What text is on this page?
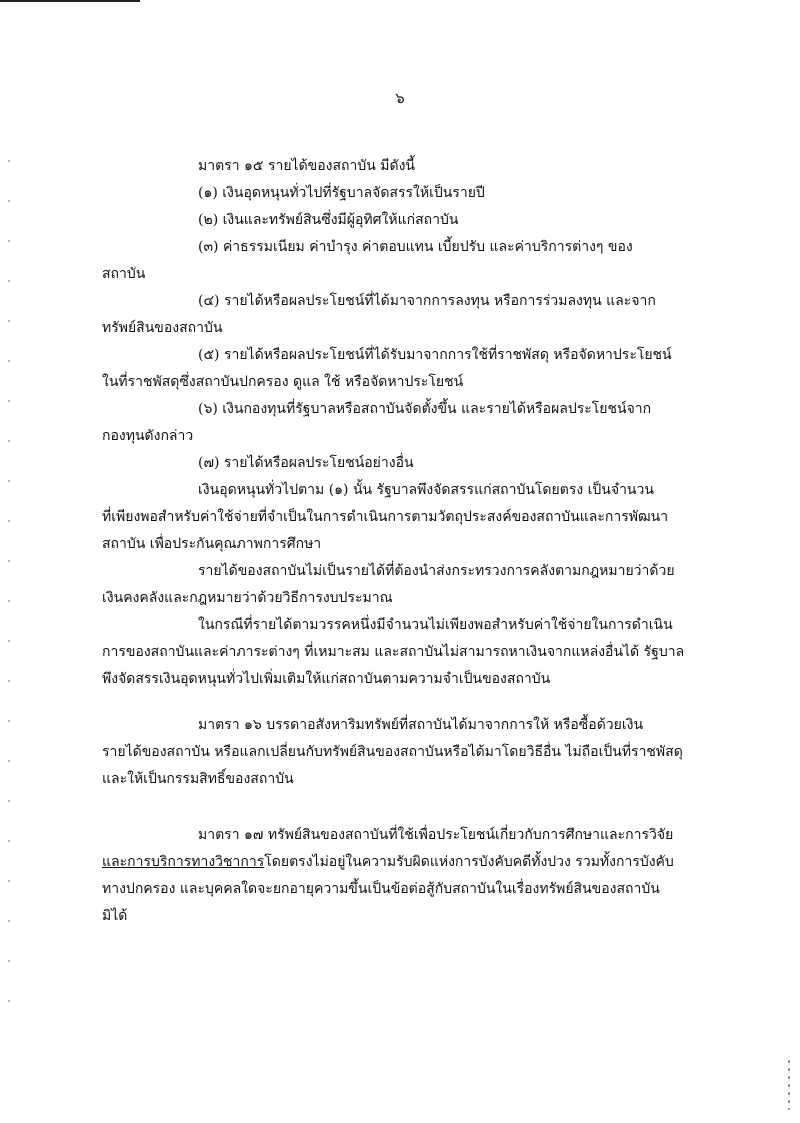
๖
มาตรา ๑๕ รายได้ของสถาบัน มีดังนี้
(๑) เงินอุดหนุนทั่วไปที่รัฐบาลจัดสรรให้เป็นรายปี
(๒) เงินและทรัพย์สินซึ่งมีผู้อุทิศให้แก่สถาบัน
(๓) ค่าธรรมเนียม ค่าบำรุง ค่าตอบแทน เบี้ยปรับ และค่าบริการต่างๆ ของ
สถาบัน
(๔) รายได้หรือผลประโยชน์ที่ได้มาจากการลงทุน หรือการร่วมลงทุน และจาก
ทรัพย์สินของสถาบัน
(๕) รายได้หรือผลประโยชน์ที่ได้รับมาจากการใช้ที่ราชพัสดุ หรือจัดหาประโยชน์
ในที่ราชพัสดุซึ่งสถาบันปกครอง ดูแล ใช้ หรือจัดหาประโยชน์
(๖) เงินกองทุนที่รัฐบาลหรือสถาบันจัดตั้งขึ้น และรายได้หรือผลประโยชน์จาก
กองทุนดังกล่าว
(๗) รายได้หรือผลประโยชน์อย่างอื่น
เงินอุดหนุนทั่วไปตาม (๑) นั้น รัฐบาลพึงจัดสรรแก่สถาบันโดยตรง เป็นจำนวน
ที่เพียงพอสำหรับค่าใช้จ่ายที่จำเป็นในการดำเนินการตามวัตถุประสงค์ของสถาบันและการพัฒนา
สถาบัน เพื่อประกันคุณภาพการศึกษา
รายได้ของสถาบันไม่เป็นรายได้ที่ต้องนำส่งกระทรวงการคลังตามกฎหมายว่าด้วย
เงินคงคลังและกฎหมายว่าด้วยวิธีการงบประมาณ
ในกรณีที่รายได้ตามวรรคหนึ่งมีจำนวนไม่เพียงพอสำหรับค่าใช้จ่ายในการดำเนิน
การของสถาบันและค่าภาระต่างๆ ที่เหมาะสม และสถาบันไม่สามารถหาเงินจากแหล่งอื่นได้ รัฐบาล
พึงจัดสรรเงินอุดหนุนทั่วไปเพิ่มเติมให้แก่สถาบันตามความจำเป็นของสถาบัน
มาตรา ๑๖ บรรดาอสังหาริมทรัพย์ที่สถาบันได้มาจากการให้ หรือซื้อด้วยเงิน
รายได้ของสถาบัน หรือแลกเปลี่ยนกับทรัพย์สินของสถาบันหรือได้มาโดยวิธีอื่น ไม่ถือเป็นที่ราชพัสดุ
และให้เป็นกรรมสิทธิ์ของสถาบัน
มาตรา ๑๗ ทรัพย์สินของสถาบันที่ใช้เพื่อประโยชน์เกี่ยวกับการศึกษาและการวิจัย
และการบริการทางวิชาการโดยตรงไม่อยู่ในความรับผิดแห่งการบังคับคดีทั้งปวง รวมทั้งการบังคับ
ทางปกครอง และบุคคลใดจะยกอายุความขึ้นเป็นข้อต่อสู้กับสถาบันในเรื่องทรัพย์สินของสถาบัน
มิได้
